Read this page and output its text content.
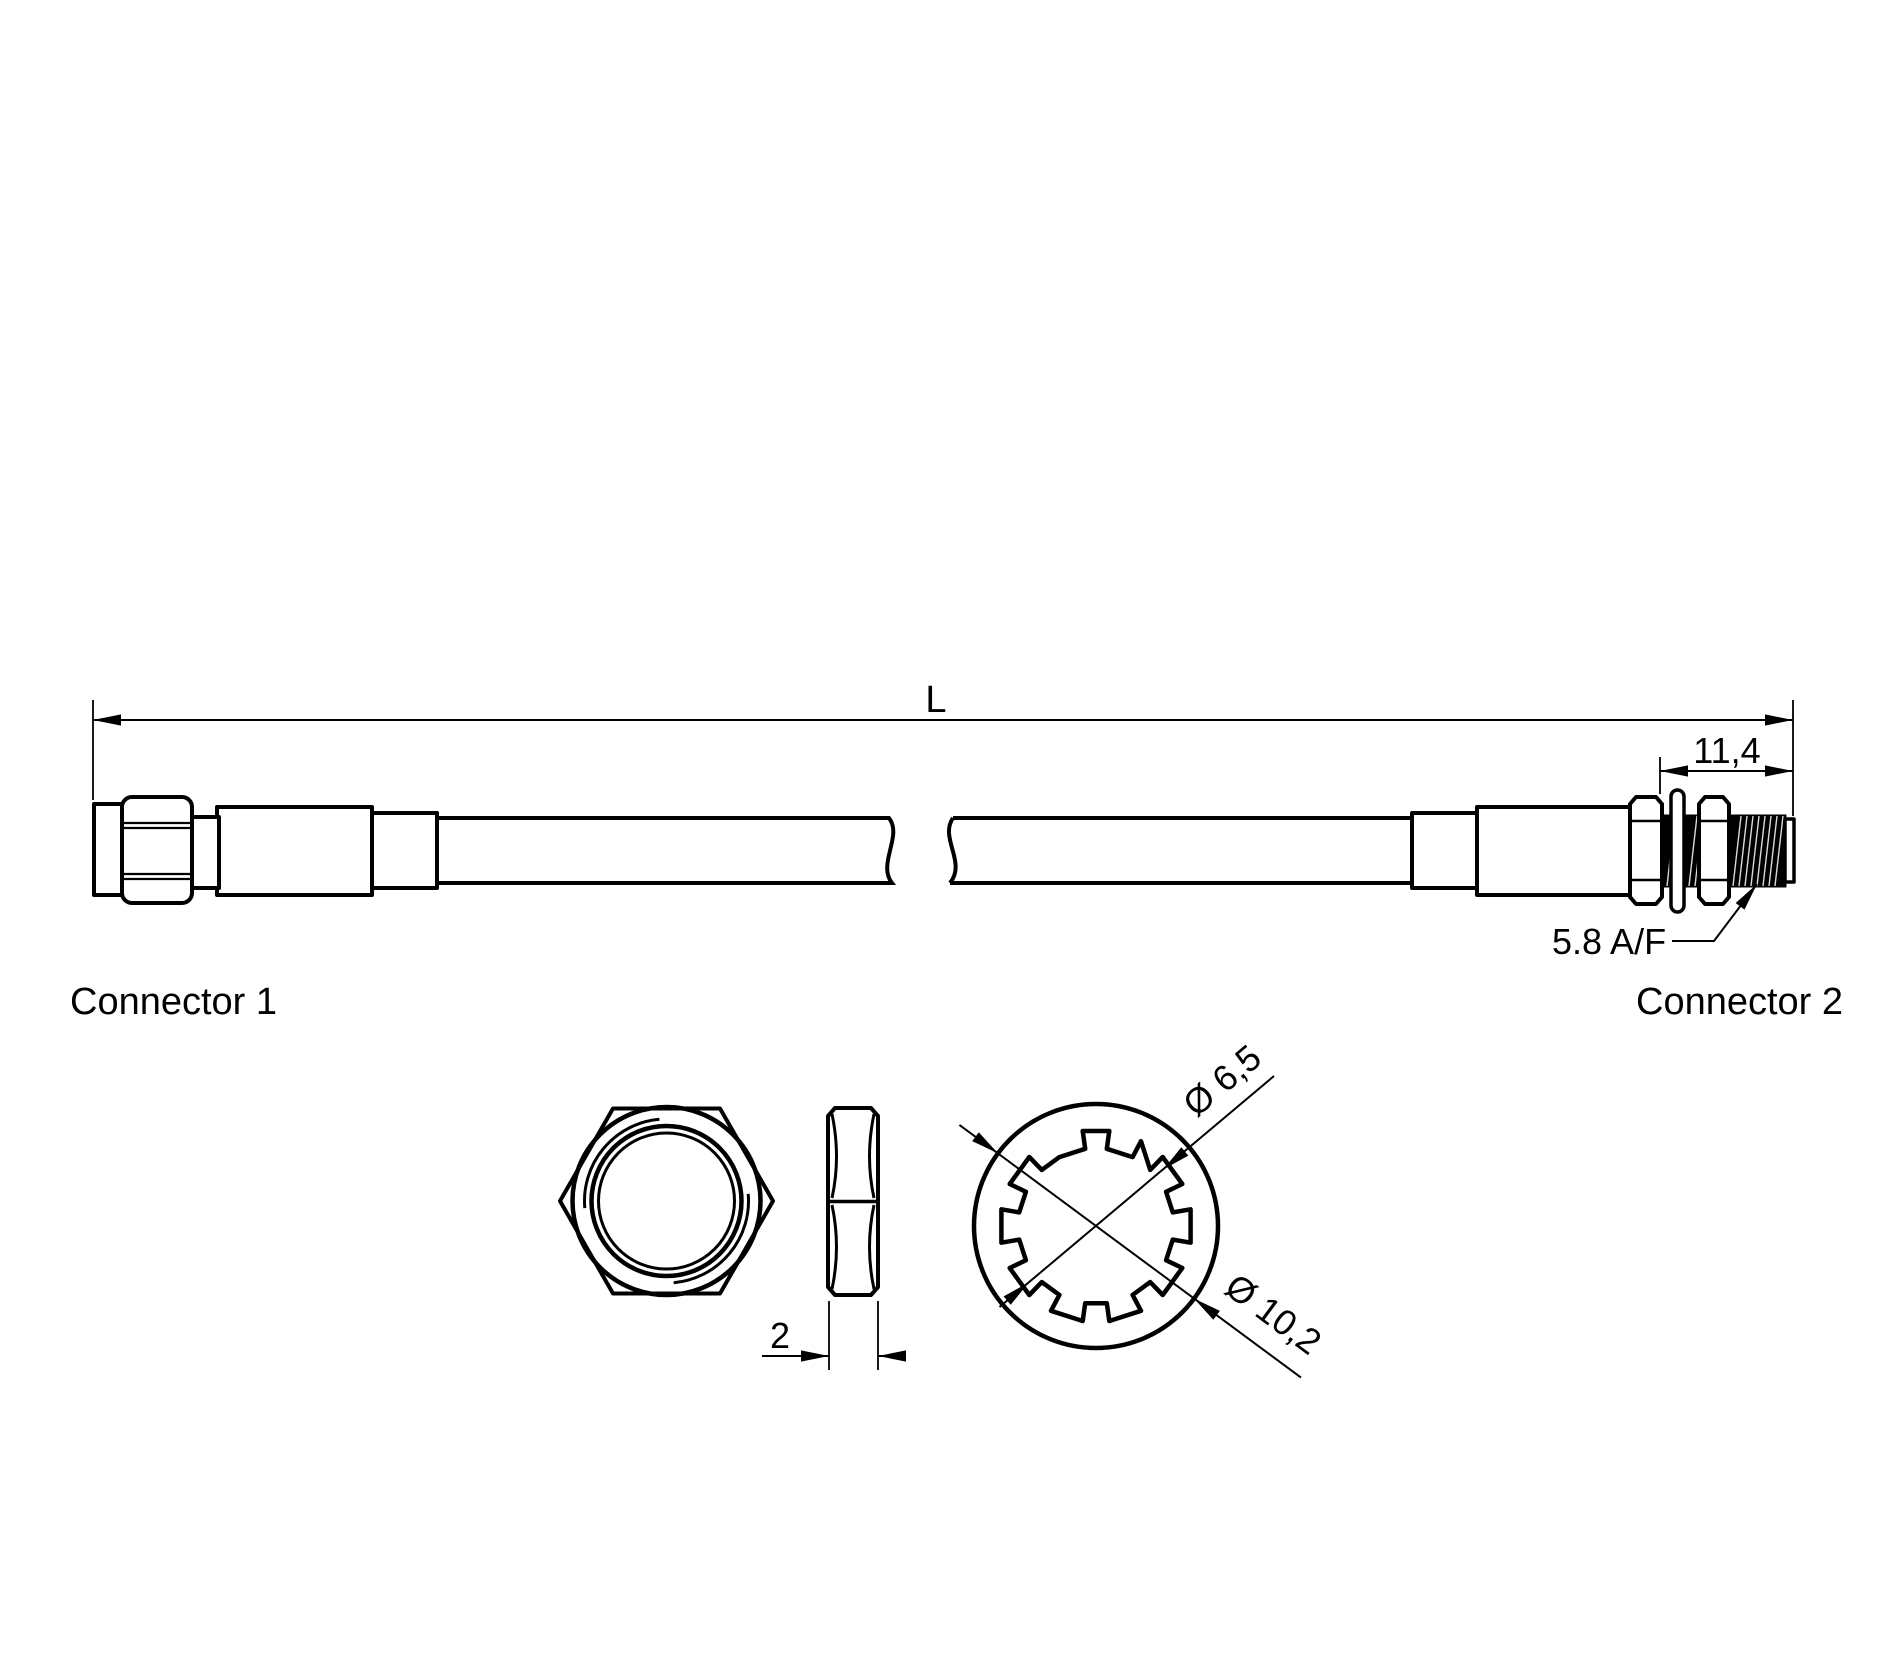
L
11,4
5.8 A/F
Connector 1	Connector 2
2
Ø 6,5
Ø 10,2
